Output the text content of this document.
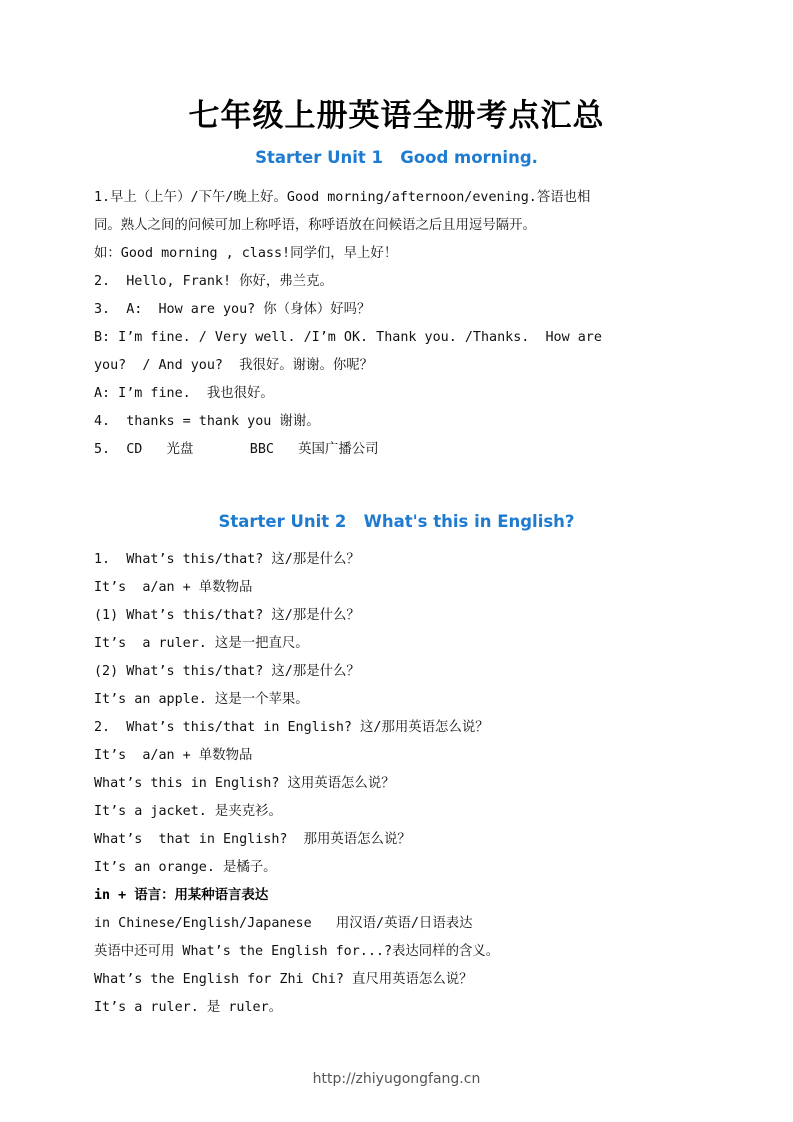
七年级上册英语全册考点汇总
Starter Unit 1   Good morning.
1.早上（上午）/下午/晚上好。Good morning/afternoon/evening.答语也相
同。熟人之间的问候可加上称呼语，称呼语放在问候语之后且用逗号隔开。
如：Good morning , class!同学们，早上好！
2.  Hello, Frank! 你好，弗兰克。
3.  A:  How are you? 你（身体）好吗？
B: I’m fine. / Very well. /I’m OK. Thank you. /Thanks.  How are
you?  / And you?  我很好。谢谢。你呢？
A: I’m fine.  我也很好。
4.  thanks = thank you 谢谢。
5.  CD   光盘       BBC   英国广播公司
Starter Unit 2   What's this in English?
1.  What’s this/that? 这/那是什么？
It’s  a/an + 单数物品
(1) What’s this/that? 这/那是什么？
It’s  a ruler. 这是一把直尺。
(2) What’s this/that? 这/那是什么？
It’s an apple. 这是一个苹果。
2.  What’s this/that in English? 这/那用英语怎么说？
It’s  a/an + 单数物品
What’s this in English? 这用英语怎么说？
It’s a jacket. 是夹克衫。
What’s  that in English?  那用英语怎么说？
It’s an orange. 是橘子。
in + 语言：用某种语言表达
in Chinese/English/Japanese   用汉语/英语/日语表达
英语中还可用 What’s the English for...?表达同样的含义。
What’s the English for Zhi Chi? 直尺用英语怎么说？
It’s a ruler. 是 ruler。
http://zhiyugongfang.cn
